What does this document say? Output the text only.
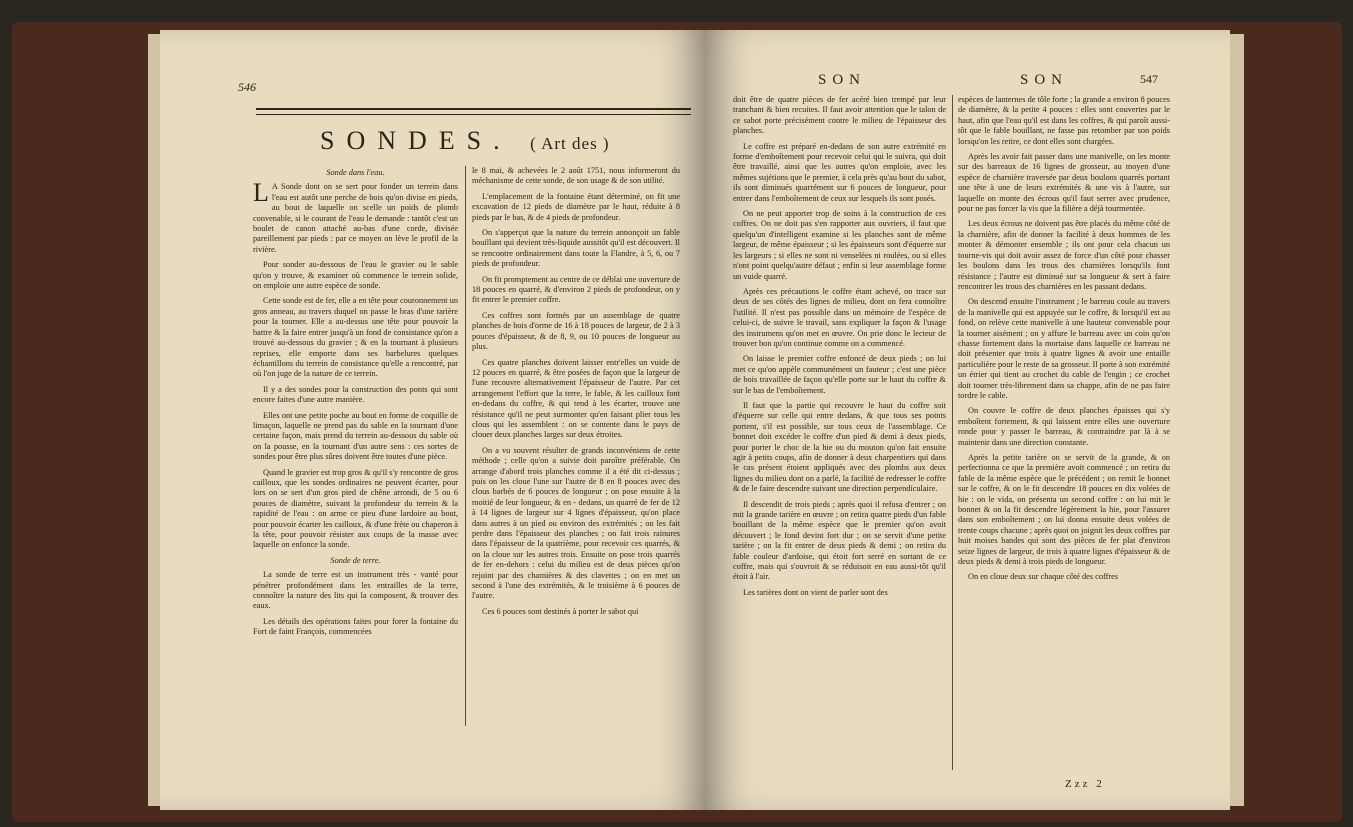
546
SONDES. ( Art des )

Sonde dans l'eau.

L A Sonde dont on se sert pour fonder un terrein dans l'eau est autôt une perche de bois qu'on divise en pieds, au bout de laquelle on scelle un poids de plomb convenable, si le courant de l'eau le demande : tantôt c'est un boulet de canon attaché au-bas d'une corde, divisée pareillement par pieds : par ce moyen on lève le profil de la rivière.

Pour sonder au-dessous de l'eau le gravier ou le sable qu'on y trouve, & examiner où commence le terrein solide, on emploie une autre espèce de sonde.

Cette sonde est de fer, elle a en tête pour couronnement un gros anneau, au travers duquel on passe le bras d'une tarière pour la tourner. Elle a au-dessus une tête pour pouvoir la battre & la faire entrer jusqu'à un fond de consistance qu'on a trouvé au-dessous du gravier ; & en la tournant à plusieurs reprises, elle emporte dans ses barbelures quelques échantillons du terrein de consistance qu'elle a rencontré, par où l'on juge de la nature de ce terrein.

Il y a des sondes pour la construction des ponts qui sont encore faites d'une autre manière.

Elles ont une petite poche au bout en forme de coquille de limaçon, laquelle ne prend pas du sable en la tournant d'une certaine façon, mais prend du terrein au-dessous du sable où on la pousse, en la tournant d'un autre sens : ces sortes de sondes pour être plus sûres doivent être toutes d'une pièce.

Quand le gravier est trop gros & qu'il s'y rencontre de gros cailloux, que les sondes ordinaires ne peuvent écarter, pour lors on se sert d'un gros pied de chêne arrondi, de 5 ou 6 pouces de diamètre, suivant la profondeur du terrein & la rapidité de l'eau : on arme ce pieu d'une lardoire au bout, pour pouvoir écarter les cailloux, & d'une frète ou chaperon à la tête, pour pouvoir résister aux coups de la masse avec laquelle on enfonce la sonde.

Sonde de terre.

La sonde de terre est un instrument très - vanté pour pénétrer profondément dans les entrailles de la terre, connoître la nature des lits qui la composent, & trouver des eaux.

Les détails des opérations faites pour forer la fontaine du Fort de faint François, commencées

le 8 mai, & achevées le 2 août 1751, nous informeront du méchanisme de cette sonde, de son usage & de son utilité.

L'emplacement de la fontaine étant déterminé, on fit une excavation de 12 pieds de diamètre par le haut, réduite à 8 pieds par le bas, & de 4 pieds de profondeur.

On s'apperçut que la nature du terrein annonçoit un fable bouillant qui devient très-liquide aussitôt qu'il est découvert. Il se rencontre ordinairement dans toute la Flandre, à 5, 6, ou 7 pieds de profondeur.

On fit promptement au centre de ce déblai une ouverture de 18 pouces en quarré, & d'environ 2 pieds de profondeur, on y fit entrer le premier coffre.

Ces coffres sont formés par un assemblage de quatre planches de bois d'orme de 16 à 18 pouces de largeur, de 2 à 3 pouces d'épaisseur, & de 8, 9, ou 10 pouces de longueur au plus.

Ces quatre planches doivent laisser entr'elles un vuide de 12 pouces en quarré, & être posées de façon que la largeur de l'une recouvre alternativement l'épaisseur de l'autre. Par cet arrangement l'effort que la terre, le fable, & les cailloux font en-dedans du coffre, & qui tend à les écarter, trouve une résistance qu'il ne peut surmonter qu'en faisant plier tous les clous qui les assemblent : on se contente dans le pays de clouer deux planches larges sur deux étroites.

On a vu souvent résulter de grands inconvéniens de cette méthode ; celle qu'on a suivie doit paroître préférable. On arrange d'abord trois planches comme il a été dit ci-dessus ; puis on les cloue l'une sur l'autre de 8 en 8 pouces avec des clous barbés de 6 pouces de longueur ; on pose ensuite à la moitié de leur longueur, & en - dedans, un quarré de fer de 12 à 14 lignes de largeur sur 4 lignes d'épaisseur, qu'on place dans autres à un pied ou environ des extrémités ; on les fait perdre dans l'épaisseur des planches ; on fait trois rainures dans l'épaisseur de la quatrième, pour recevoir ces quarrés, & on la cloue sur les autres trois. Ensuite on pose trois quarrés de fer en-dehors : celui du milieu est de deux pièces qu'on rejoint par des charnières & des clavettes ; on en met un second à l'une des extrémités, & le troisième à 6 pouces de l'autre.

Ces 6 pouces sont destinés à porter le sabot qui

SON	SON	547

doit être de quatre pièces de fer acéré bien trempé par leur tranchant & bien recuites. Il faut avoir attention que le talon de ce sabot porte précisément contre le milieu de l'épaisseur des planches.

Le coffre est préparé en-dedans de son autre extrémité en forme d'emboîtement pour recevoir celui qui le suivra, qui doit être travaillé, ainsi que les autres qu'on emploie, avec les mêmes sujétions que le premier, à cela près qu'au bout du sabot, ils sont diminués quarrément sur 6 pouces de longueur, pour entrer dans l'emboîtement de ceux sur lesquels ils sont posés.

On ne peut apporter trop de soins à la construction de ces coffres. On ne doit pas s'en rapporter aux ouvriers, il faut que quelqu'un d'intelligent examine si les planches sont de même largeur, de même épaisseur ; si les épaisseurs sont d'équerre sur les largeurs ; si elles ne sont ni venselées ni roulées, ou si elles n'ont point quelqu'autre défaut ; enfin si leur assemblage forme un vuide quarré.

Après ces précautions le coffre étant achevé, on trace sur deux de ses côtés des lignes de milieu, dont on fera connoître l'utilité. Il n'est pas possible dans un mémoire de l'espèce de celui-ci, de suivre le travail, sans expliquer la façon & l'usage des instrumens qu'on met en œuvre. On prie donc le lecteur de trouver bon qu'on continue comme on a commencé.

On laisse le premier coffre enfoncé de deux pieds ; on lui met ce qu'on appèle communément un fauteur ; c'est une pièce de bois travaillée de façon qu'elle porte sur le haut du coffre & sur le bas de l'emboîtement.

Il faut que la partie qui recouvre le haut du coffre soit d'équerre sur celle qui entre dedans, & que tous ses points portent, s'il est possible, sur tous ceux de l'assemblage. Ce bonnet doit excéder le coffre d'un pied & demi à deux pieds, pour porter le choc de la hie ou du mouton qu'on fait ensuite agir à petits coups, afin de donner à deux charpentiers qui dans le cas présent étoient appliqués avec des plombs aux deux lignes du milieu dont on a parlé, la facilité de redresser le coffre & de le faire descendre suivant une direction perpendiculaire.

Il descendit de trois pieds ; après quoi il refusa d'entrer ; on mit la grande tarière en œuvre ; on retira quatre pieds d'un fable bouillant de la même espèce que le premier qu'on avoit découvert ; le fond devint fort dur ; on se servit d'une petite tarière ; on la fit entrer de deux pieds & demi ; on retira du fable couleur d'ardoise, qui étoit fort serré en sortant de ce coffre, mais qui s'ouvroit & se réduisoit en eau aussi-tôt qu'il étoit à l'air.

Les tarières dont on vient de parler sont des

espèces de lanternes de tôle forte ; la grande a environ 8 pouces de diamètre, & la petite 4 pouces : elles sont couvertes par le haut, afin que l'eau qu'il est dans les coffres, & qui paroît aussi-tôt que le fable bouillant, ne fasse pas retomber par son poids lorsqu'on les retire, ce dont elles sont chargées.

Après les avoir fait passer dans une manivelle, on les monte sur des barreaux de 16 lignes de grosseur, au moyen d'une espèce de charnière traversée par deux boulons quarrés portant une tête à une de leurs extrémités & une vis à l'autre, sur laquelle on monte des écrous qu'il faut serrer avec prudence, pour ne pas forcer la vis que la filière a déjà tourmentée.

Les deux écrous ne doivent pas être placés du même côté de la charnière, afin de donner la facilité à deux hommes de les monter & démonter ensemble ; ils ont pour cela chacun un tourne-vis qui doit avoir assez de force d'un côté pour chasser les boulons dans les trous des charnières lorsqu'ils font résistance ; l'autre est diminué sur sa longueur & sert à faire rencontrer les trous des charnières en les passant dedans.

On descend ensuite l'instrument ; le barreau coule au travers de la manivelle qui est appuyée sur le coffre, & lorsqu'il est au fond, on relève cette manivelle à une hauteur convenable pour la tourner aisément ; on y affure le barreau avec un coin qu'on chasse fortement dans la mortaise dans laquelle ce barreau ne doit présenter que trois à quatre lignes & avoir une entaille particulière pour le reste de sa grosseur. Il porte à son extrémité un étrier qui tient au crochet du cable de l'engin ; ce crochet doit tourner très-librement dans sa chappe, afin de ne pas faire tordre le cable.

On couvre le coffre de deux planches épaisses qui s'y emboîtent fortement, & qui laissent entre elles une ouverture ronde pour y passer le barreau, & contraindre par là à se maintenir dans une direction constante.

Après la petite tarière on se servit de la grande, & on perfectionna ce que la première avoit commencé ; on retira du fable de la même espèce que le précédent ; on remit le bonnet sur le coffre, & on le fit descendre 18 pouces en dix volées de hie : on le vida, on présenta un second coffre : on lui mit le bonnet & on la fit descendre légèrement la hie, pour l'assurer dans son emboîtement ; on lui donna ensuite deux volées de trente coups chacune ; après quoi on joignit les deux coffres par huit moises bandes qui sont des pièces de fer plat d'environ seize lignes de largeur, de trois à quatre lignes d'épaisseur & de deux pieds & demi à trois pieds de longueur.

On en cloue deux sur chaque côté des coffres

Zzz 2
